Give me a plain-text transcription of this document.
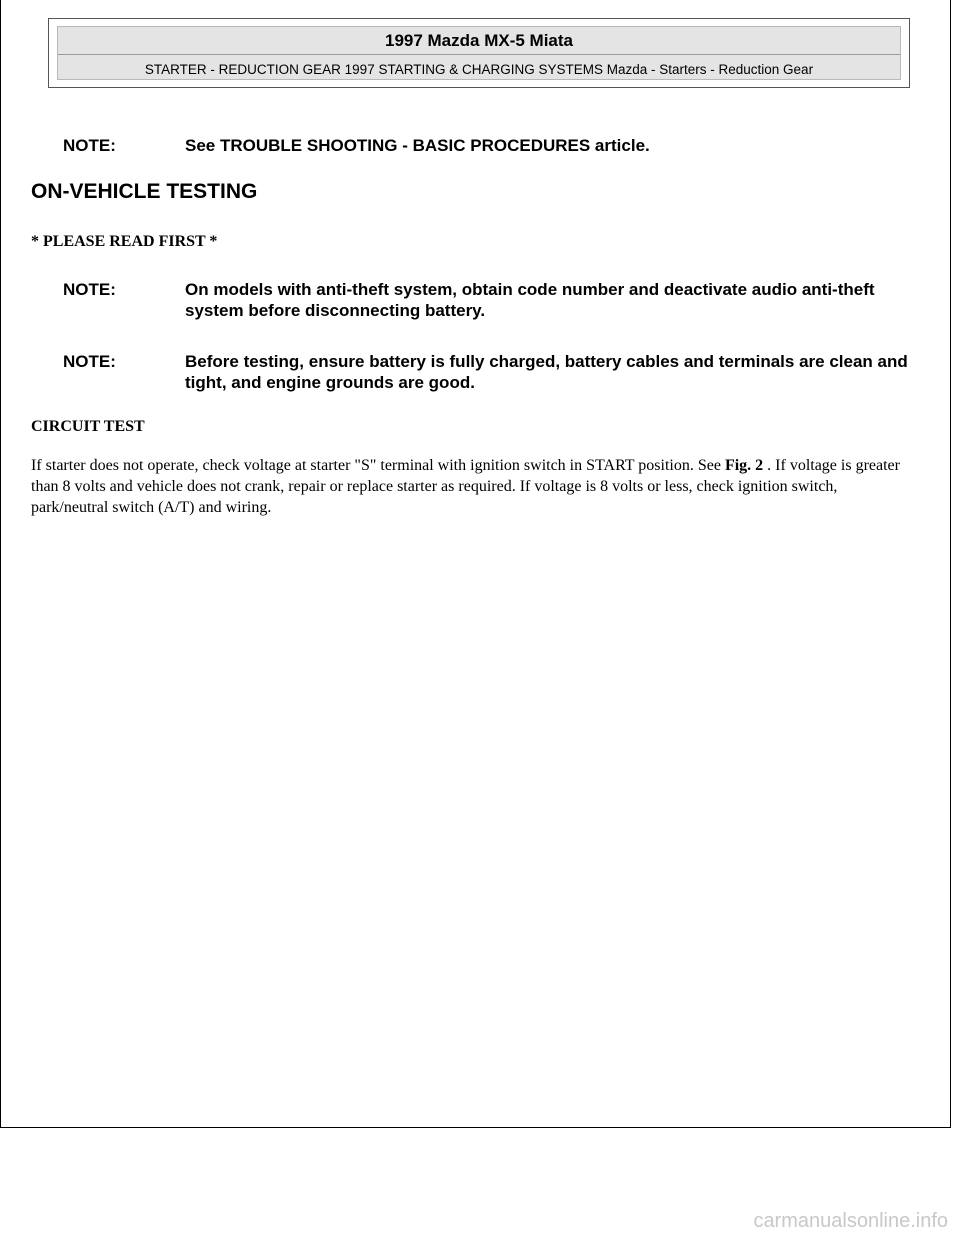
1997 Mazda MX-5 Miata
STARTER - REDUCTION GEAR 1997 STARTING & CHARGING SYSTEMS Mazda - Starters - Reduction Gear
NOTE:	See TROUBLE SHOOTING - BASIC PROCEDURES article.
ON-VEHICLE TESTING
* PLEASE READ FIRST *
NOTE:	On models with anti-theft system, obtain code number and deactivate audio anti-theft system before disconnecting battery.
NOTE:	Before testing, ensure battery is fully charged, battery cables and terminals are clean and tight, and engine grounds are good.
CIRCUIT TEST
If starter does not operate, check voltage at starter "S" terminal with ignition switch in START position. See Fig. 2 . If voltage is greater than 8 volts and vehicle does not crank, repair or replace starter as required. If voltage is 8 volts or less, check ignition switch, park/neutral switch (A/T) and wiring.
carmanualsonline.info
